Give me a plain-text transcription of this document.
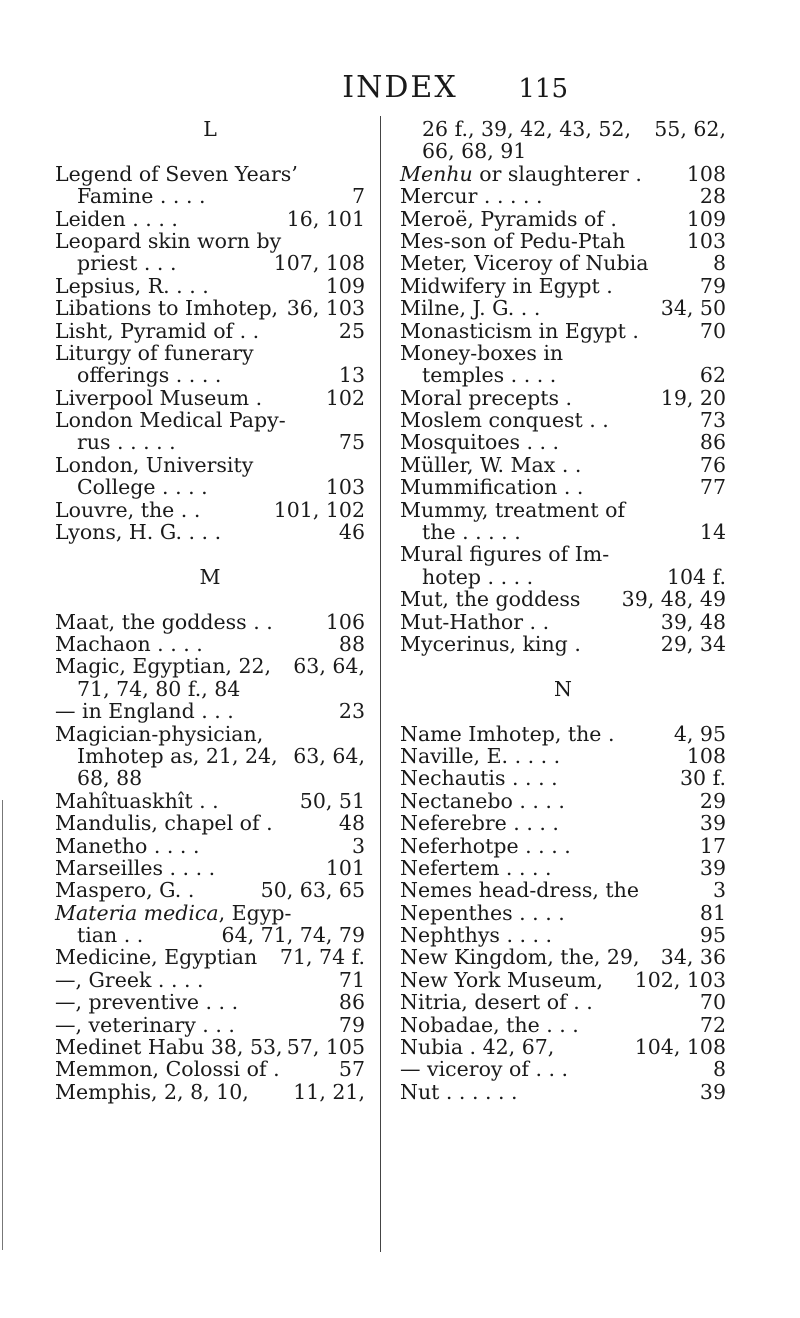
INDEX	115
L
Legend of Seven Years’
Famine . . . .	7
Leiden . . . .	16, 101
Leopard skin worn by
priest . . .	107, 108
Lepsius, R. . . .	109
Libations to Imhotep, 36, 103
Lisht, Pyramid of . .	25
Liturgy of funerary
offerings . . . .	13
Liverpool Museum .	102
London Medical Papy-
rus . . . . .	75
London, University
College . . . .	103
Louvre, the . .	101, 102
Lyons, H. G. . . .	46
M
Maat, the goddess . .	106
Machaon . . . .	88
Magic, Egyptian, 22, 63, 64,
71, 74, 80 f., 84
— in England . . .	23
Magician-physician,
Imhotep as, 21, 24, 63, 64,
68, 88
Mahîtuaskhît . .	50, 51
Mandulis, chapel of .	48
Manetho . . . .	3
Marseilles . . . .	101
Maspero, G. .	50, 63, 65
Materia medica, Egyp-
tian . .	64, 71, 74, 79
Medicine, Egyptian 71, 74 f.
—, Greek . . . .	71
—, preventive . . .	86
—, veterinary . . .	79
Medinet Habu 38, 53, 57, 105
Memmon, Colossi of .	57
Memphis, 2, 8, 10, 11, 21,
26 f., 39, 42, 43, 52, 55, 62,
66, 68, 91
Menhu or slaughterer . 108
Mercur . . . . .	28
Meroë, Pyramids of .	109
Mes-son of Pedu-Ptah	103
Meter, Viceroy of Nubia	8
Midwifery in Egypt .	79
Milne, J. G. . .	34, 50
Monasticism in Egypt .	70
Money-boxes in
temples . . . .	62
Moral precepts .	19, 20
Moslem conquest . .	73
Mosquitoes . . .	86
Müller, W. Max . .	76
Mummification . .	77
Mummy, treatment of
the . . . . .	14
Mural figures of Im-
hotep . . . .	104 f.
Mut, the goddess 39, 48, 49
Mut-Hathor . .	39, 48
Mycerinus, king .	29, 34
N
Name Imhotep, the .	4, 95
Naville, E. . . . .	108
Nechautis . . . .	30 f.
Nectanebo . . . .	29
Neferebre . . . .	39
Neferhotpe . . . .	17
Nefertem . . . .	39
Nemes head-dress, the	3
Nepenthes . . . .	81
Nephthys . . . .	95
New Kingdom, the, 29, 34, 36
New York Museum, 102, 103
Nitria, desert of . .	70
Nobadae, the . . .	72
Nubia . 42, 67,	104, 108
— viceroy of . . .	8
Nut . . . . . .	39
